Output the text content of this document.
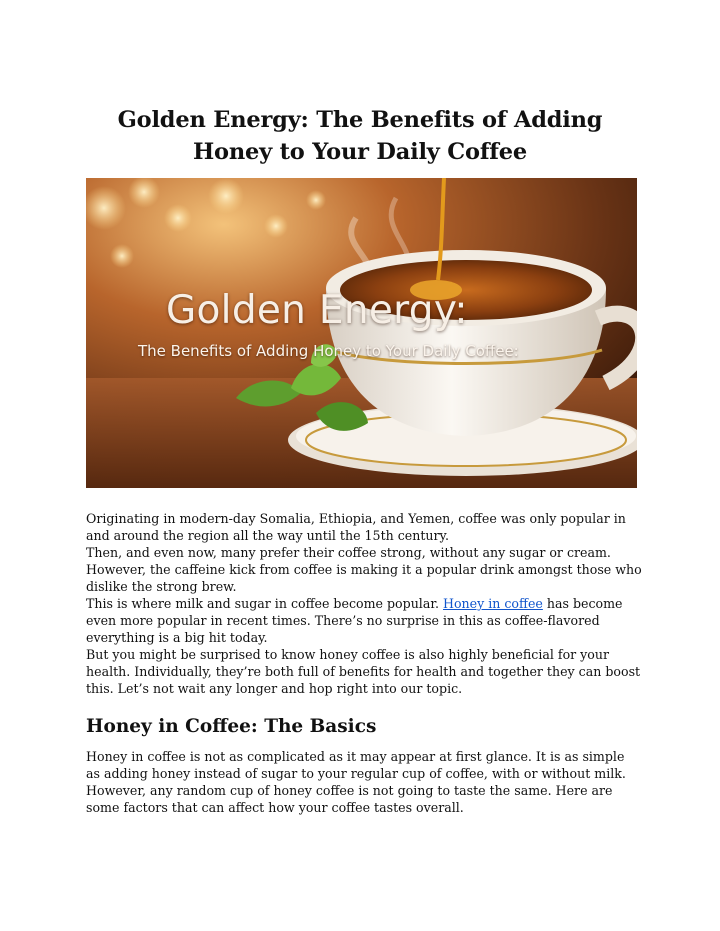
Golden Energy: The Benefits of Adding
Honey to Your Daily Coffee
Golden Energy:
The Benefits of Adding Honey to Your Daily Coffee:

Originating in modern-day Somalia, Ethiopia, and Yemen, coffee was only popular in and around the region all the way until the 15th century.

Then, and even now, many prefer their coffee strong, without any sugar or cream. However, the caffeine kick from coffee is making it a popular drink amongst those who dislike the strong brew.

This is where milk and sugar in coffee become popular. Honey in coffee has become even more popular in recent times. There’s no surprise in this as coffee-flavored everything is a big hit today.

But you might be surprised to know honey coffee is also highly beneficial for your health. Individually, they’re both full of benefits for health and together they can boost this. Let’s not wait any longer and hop right into our topic.

Honey in Coffee: The Basics

Honey in coffee is not as complicated as it may appear at first glance. It is as simple as adding honey instead of sugar to your regular cup of coffee, with or without milk. However, any random cup of honey coffee is not going to taste the same. Here are some factors that can affect how your coffee tastes overall.
